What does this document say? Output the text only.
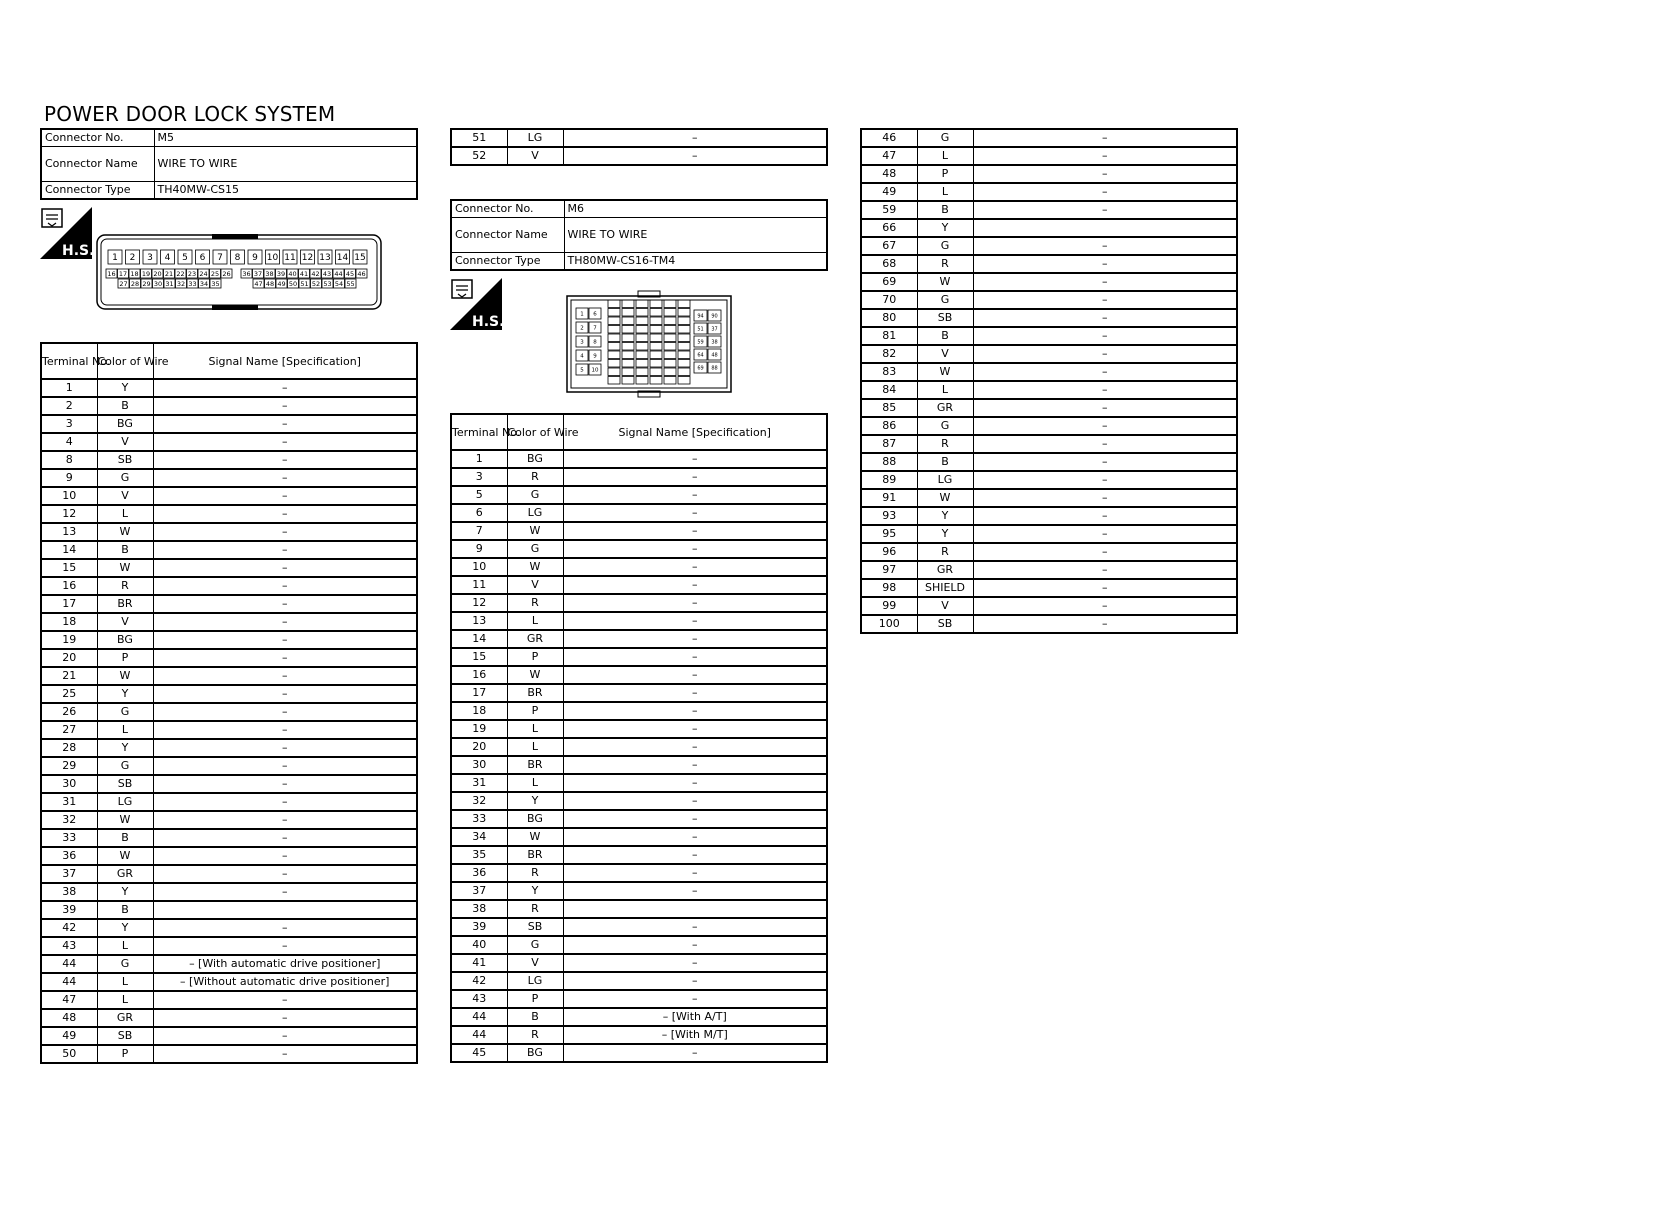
POWER DOOR LOCK SYSTEM
Connector No.	M5
Connector Name	WIRE TO WIRE
Connector Type	TH40MW-CS15
H.S. 1 2 3 4 5 6 7 8 9 10 11 12 13 14 15
16 17 18 19 20 21 22 23 24 25 26 36 37 38 39 40 41 42 43 44 45 46
27 28 29 30 31 32 33 34 35	47 48 49 50 51 52 53 54 55
Terminal No.	Color of Wire	Signal Name [Specification]
1	Y	–
2	B	–
3	BG	–
4	V	–
8	SB	–
9	G	–
10	V	–
12	L	–
13	W	–
14	B	–
15	W	–
16	R	–
17	BR	–
18	V	–
19	BG	–
20	P	–
21	W	–
25	Y	–
26	G	–
27	L	–
28	Y	–
29	G	–
30	SB	–
31	LG	–
32	W	–
33	B	–
36	W	–
37	GR	–
38	Y	–
39	B	
42	Y	–
43	L	–
44	G	– [With automatic drive positioner]
44	L	– [Without automatic drive positioner]
47	L	–
48	GR	–
49	SB	–
50	P	–
51	LG	–
52	V	–
Connector No.	M6
Connector Name	WIRE TO WIRE
Connector Type	TH80MW-CS16-TM4
H.S.	1 6
2 7
3 8
4 9
5 10
94 90
51 37
59 38
64 48
69 88
Terminal No.	Color of Wire	Signal Name [Specification]
1	BG	–
3	R	–
5	G	–
6	LG	–
7	W	–
9	G	–
10	W	–
11	V	–
12	R	–
13	L	–
14	GR	–
15	P	–
16	W	–
17	BR	–
18	P	–
19	L	–
20	L	–
30	BR	–
31	L	–
32	Y	–
33	BG	–
34	W	–
35	BR	–
36	R	–
37	Y	–
38	R	
39	SB	–
40	G	–
41	V	–
42	LG	–
43	P	–
44	B	– [With A/T]
44	R	– [With M/T]
45	BG	–
46	G	–
47	L	–
48	P	–
49	L	–
59	B	–
66	Y	
67	G	–
68	R	–
69	W	–
70	G	–
80	SB	–
81	B	–
82	V	–
83	W	–
84	L	–
85	GR	–
86	G	–
87	R	–
88	B	–
89	LG	–
91	W	–
93	Y	–
95	Y	–
96	R	–
97	GR	–
98	SHIELD	–
99	V	–
100	SB	–
